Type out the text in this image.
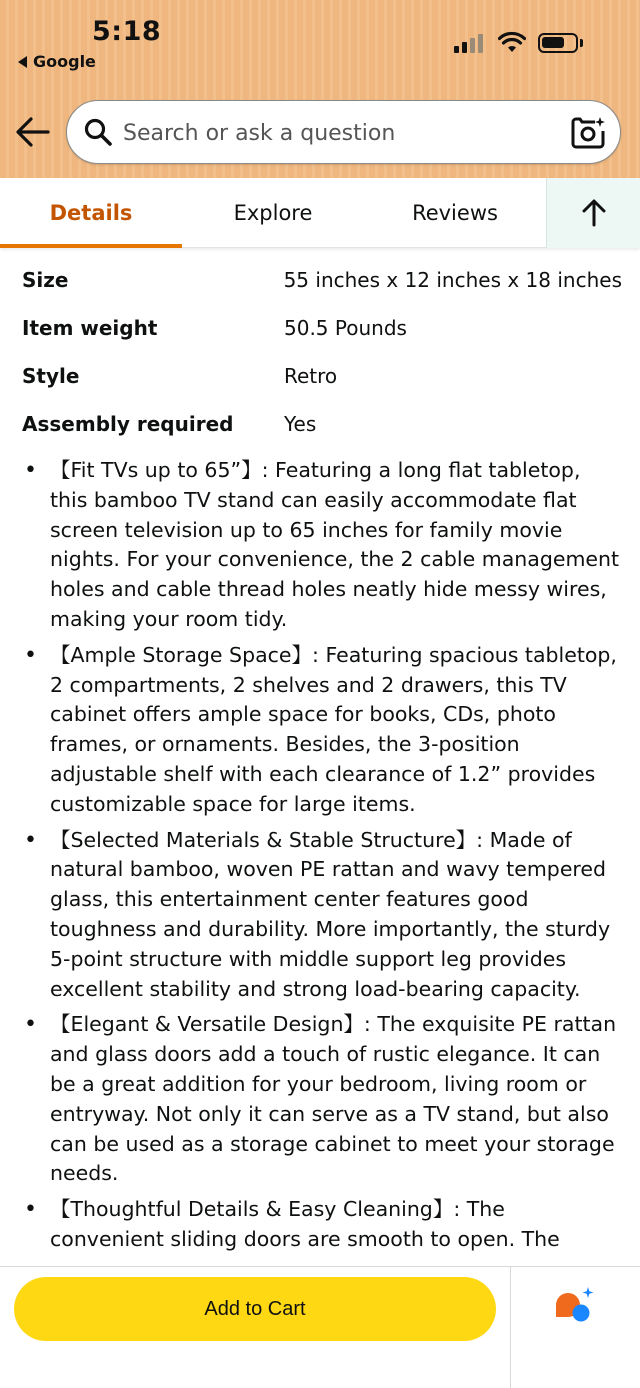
5:18
Google
Search or ask a question
Details	Explore	Reviews
Size	55 inches x 12 inches x 18 inches
Item weight	50.5 Pounds
Style	Retro
Assembly required	Yes
• 【Fit TVs up to 65”】: Featuring a long flat tabletop, this bamboo TV stand can easily accommodate flat screen television up to 65 inches for family movie nights. For your convenience, the 2 cable management holes and cable thread holes neatly hide messy wires, making your room tidy.
• 【Ample Storage Space】: Featuring spacious tabletop, 2 compartments, 2 shelves and 2 drawers, this TV cabinet offers ample space for books, CDs, photo frames, or ornaments. Besides, the 3-position adjustable shelf with each clearance of 1.2” provides customizable space for large items.
• 【Selected Materials & Stable Structure】: Made of natural bamboo, woven PE rattan and wavy tempered glass, this entertainment center features good toughness and durability. More importantly, the sturdy 5-point structure with middle support leg provides excellent stability and strong load-bearing capacity.
• 【Elegant & Versatile Design】: The exquisite PE rattan and glass doors add a touch of rustic elegance. It can be a great addition for your bedroom, living room or entryway. Not only it can serve as a TV stand, but also can be used as a storage cabinet to meet your storage needs.
• 【Thoughtful Details & Easy Cleaning】: The convenient sliding doors are smooth to open. The
Add to Cart
